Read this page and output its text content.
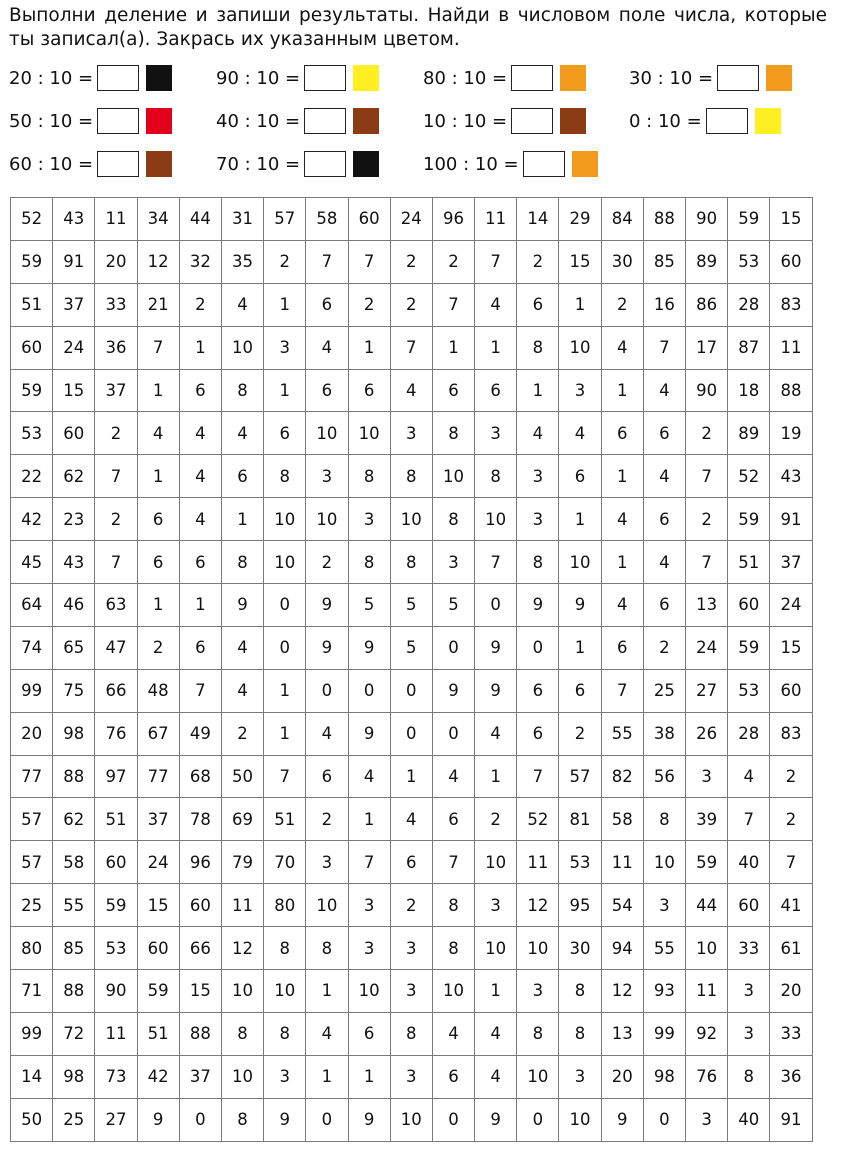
Выполни деление и запиши результаты. Найди в числовом поле числа, которые ты записал(а). Закрась их указанным цветом.

20 : 10 =	90 : 10 =	80 : 10 =	30 : 10 =
50 : 10 =	40 : 10 =	10 : 10 =	0 : 10 =
60 : 10 =	70 : 10 =	100 : 10 =
52	43	11	34	44	31	57	58	60	24	96	11	14	29	84	88	90	59	15
59	91	20	12	32	35	2	7	7	2	2	7	2	15	30	85	89	53	60
51	37	33	21	2	4	1	6	2	2	7	4	6	1	2	16	86	28	83
60	24	36	7	1	10	3	4	1	7	1	1	8	10	4	7	17	87	11
59	15	37	1	6	8	1	6	6	4	6	6	1	3	1	4	90	18	88
53	60	2	4	4	4	6	10	10	3	8	3	4	4	6	6	2	89	19
22	62	7	1	4	6	8	3	8	8	10	8	3	6	1	4	7	52	43
42	23	2	6	4	1	10	10	3	10	8	10	3	1	4	6	2	59	91
45	43	7	6	6	8	10	2	8	8	3	7	8	10	1	4	7	51	37
64	46	63	1	1	9	0	9	5	5	5	0	9	9	4	6	13	60	24
74	65	47	2	6	4	0	9	9	5	0	9	0	1	6	2	24	59	15
99	75	66	48	7	4	1	0	0	0	9	9	6	6	7	25	27	53	60
20	98	76	67	49	2	1	4	9	0	0	4	6	2	55	38	26	28	83
77	88	97	77	68	50	7	6	4	1	4	1	7	57	82	56	3	4	2
57	62	51	37	78	69	51	2	1	4	6	2	52	81	58	8	39	7	2
57	58	60	24	96	79	70	3	7	6	7	10	11	53	11	10	59	40	7
25	55	59	15	60	11	80	10	3	2	8	3	12	95	54	3	44	60	41
80	85	53	60	66	12	8	8	3	3	8	10	10	30	94	55	10	33	61
71	88	90	59	15	10	10	1	10	3	10	1	3	8	12	93	11	3	20
99	72	11	51	88	8	8	4	6	8	4	4	8	8	13	99	92	3	33
14	98	73	42	37	10	3	1	1	3	6	4	10	3	20	98	76	8	36
50	25	27	9	0	8	9	0	9	10	0	9	0	10	9	0	3	40	91
